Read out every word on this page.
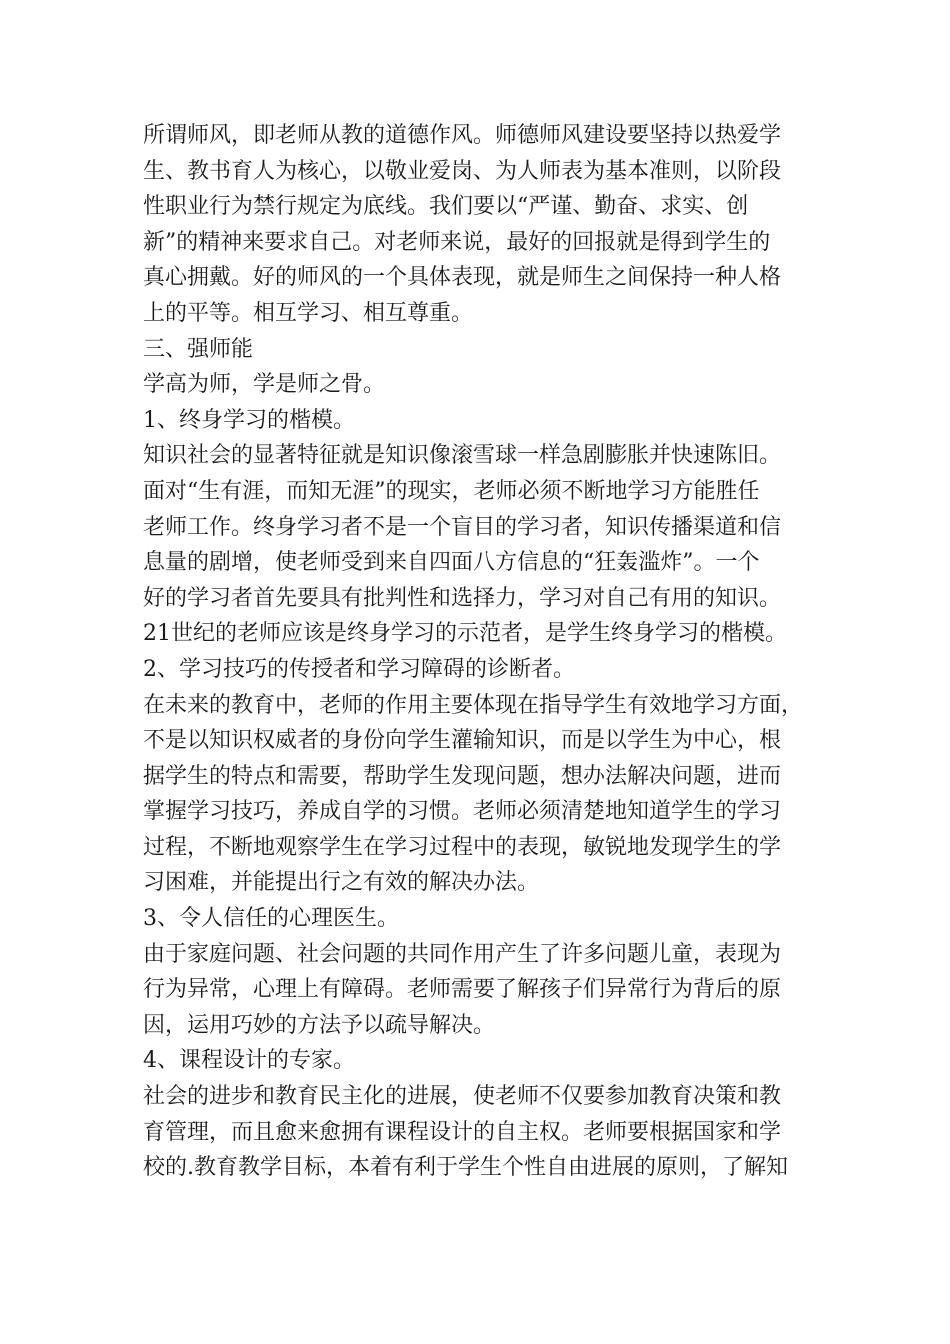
所谓师风，即老师从教的道德作风。师德师风建设要坚持以热爱学
生、教书育人为核心，以敬业爱岗、为人师表为基本准则，以阶段
性职业行为禁行规定为底线。我们要以“严谨、勤奋、求实、创
新”的精神来要求自己。对老师来说，最好的回报就是得到学生的
真心拥戴。好的师风的一个具体表现，就是师生之间保持一种人格
上的平等。相互学习、相互尊重。
三、强师能
学高为师，学是师之骨。
1、终身学习的楷模。
知识社会的显著特征就是知识像滚雪球一样急剧膨胀并快速陈旧。
面对“生有涯，而知无涯”的现实，老师必须不断地学习方能胜任
老师工作。终身学习者不是一个盲目的学习者，知识传播渠道和信
息量的剧增，使老师受到来自四面八方信息的“狂轰滥炸”。一个
好的学习者首先要具有批判性和选择力，学习对自己有用的知识。
21世纪的老师应该是终身学习的示范者，是学生终身学习的楷模。
2、学习技巧的传授者和学习障碍的诊断者。
在未来的教育中，老师的作用主要体现在指导学生有效地学习方面，
不是以知识权威者的身份向学生灌输知识，而是以学生为中心，根
据学生的特点和需要，帮助学生发现问题，想办法解决问题，进而
掌握学习技巧，养成自学的习惯。老师必须清楚地知道学生的学习
过程，不断地观察学生在学习过程中的表现，敏锐地发现学生的学
习困难，并能提出行之有效的解决办法。
3、令人信任的心理医生。
由于家庭问题、社会问题的共同作用产生了许多问题儿童，表现为
行为异常，心理上有障碍。老师需要了解孩子们异常行为背后的原
因，运用巧妙的方法予以疏导解决。
4、课程设计的专家。
社会的进步和教育民主化的进展，使老师不仅要参加教育决策和教
育管理，而且愈来愈拥有课程设计的自主权。老师要根据国家和学
校的.教育教学目标，本着有利于学生个性自由进展的原则，了解知
